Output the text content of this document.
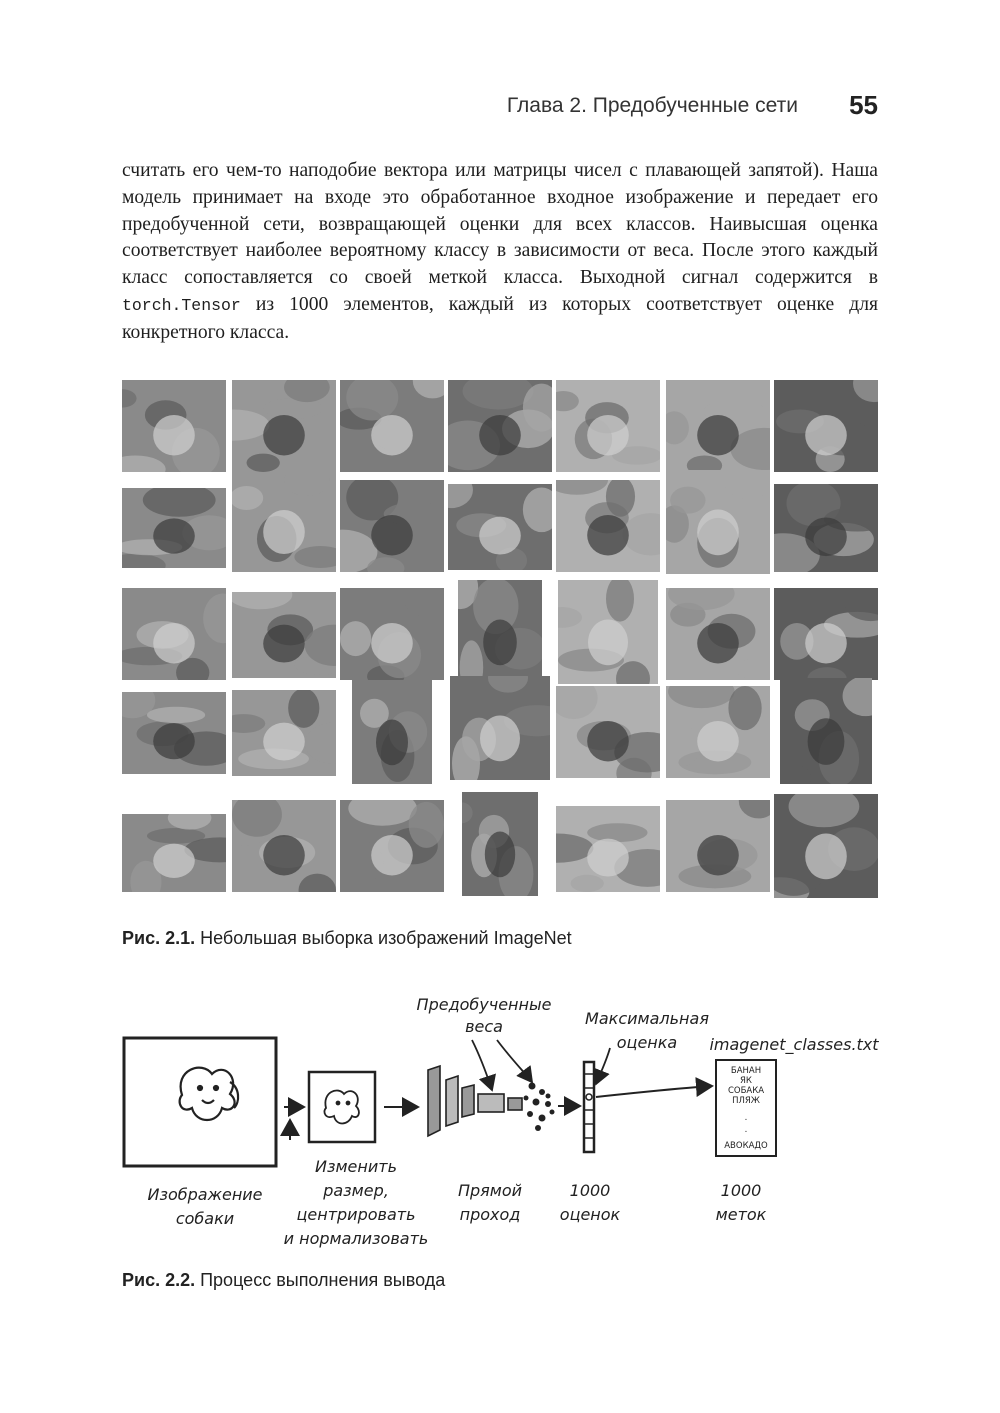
Глава 2. Предобученные сети 55
считать его чем-то наподобие вектора или матрицы чисел с плавающей запятой). Наша модель принимает на входе это обработанное входное изображение и передает его предобученной сети, возвращающей оценки для всех классов. Наивысшая оценка соответствует наиболее вероятному классу в зависимости от веса. После этого каждый класс сопоставляется со своей меткой класса. Выходной сигнал содержится в torch.Tensor из 1000 элементов, каждый из которых соответствует оценке для конкретного класса.
Рис. 2.1. Небольшая выборка изображений ImageNet
БАНАН
ЯК
СОБАКА
ПЛЯЖ
.
.
АВОКАДО
Предобученные
веса	Максимальная
оценка imagenet_classes.txt
Изображение
собаки
Изменить
размер,
центрировать
и нормализовать
Прямой
проход
1000
оценок
1000
меток
Рис. 2.2. Процесс выполнения вывода
